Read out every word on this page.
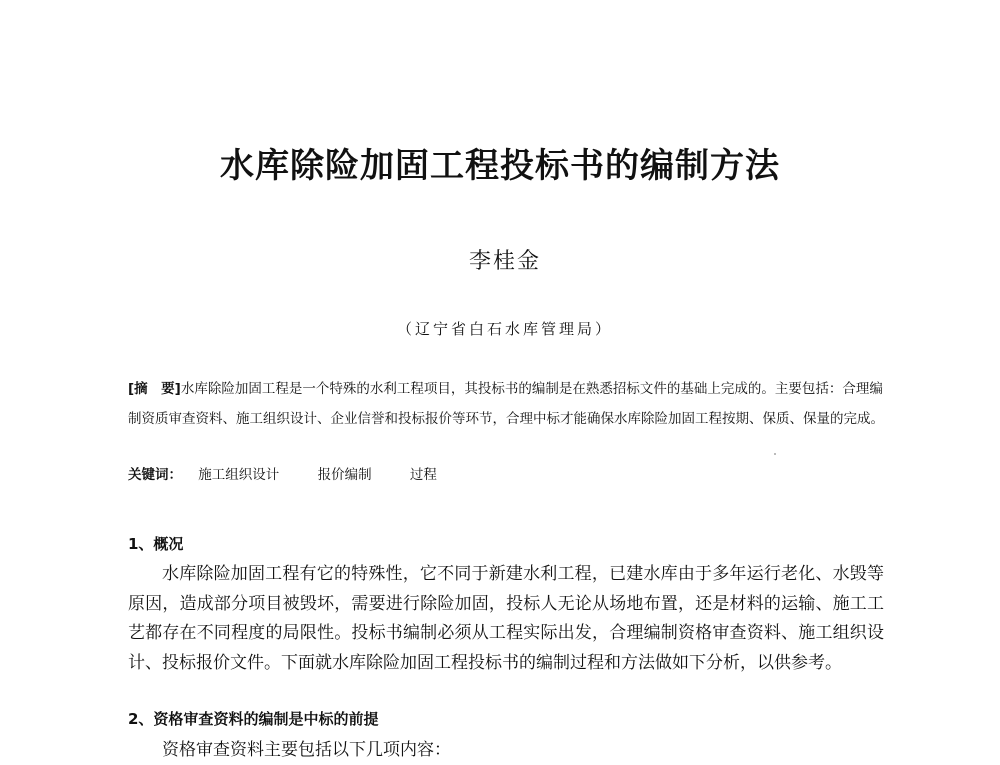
水库除险加固工程投标书的编制方法
李桂金
（辽宁省白石水库管理局）
[摘　要]水库除险加固工程是一个特殊的水利工程项目，其投标书的编制是在熟悉招标文件的基础上完成的。主要包括：合理编制资质审查资料、施工组织设计、企业信誉和投标报价等环节，合理中标才能确保水库除险加固工程按期、保质、保量的完成。
关键词： 施工组织设计	报价编制	过程
1、概况
水库除险加固工程有它的特殊性，它不同于新建水利工程，已建水库由于多年运行老化、水毁等原因，造成部分项目被毁坏，需要进行除险加固，投标人无论从场地布置，还是材料的运输、施工工艺都存在不同程度的局限性。投标书编制必须从工程实际出发，合理编制资格审查资料、施工组织设计、投标报价文件。下面就水库除险加固工程投标书的编制过程和方法做如下分析，以供参考。
2、资格审查资料的编制是中标的前提
资格审查资料主要包括以下几项内容：
